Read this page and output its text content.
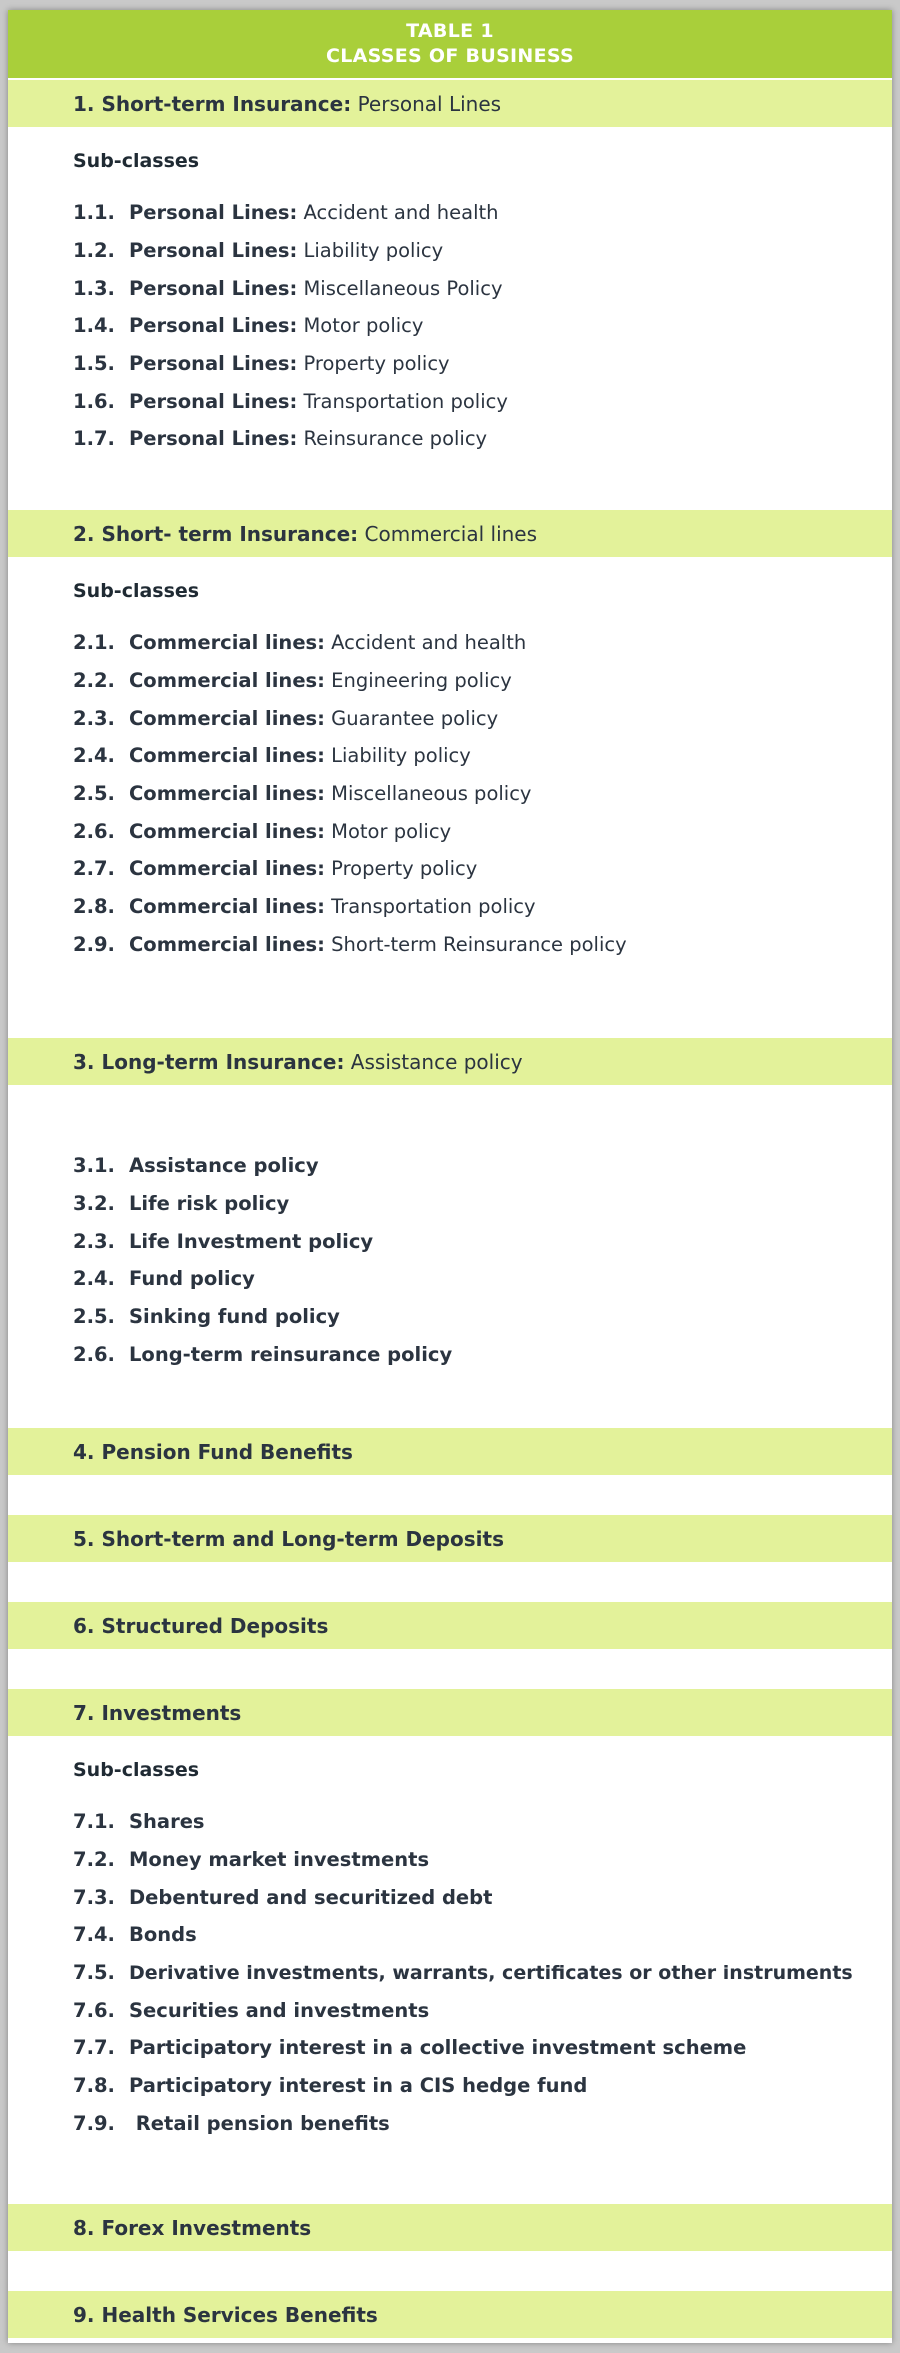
TABLE 1
CLASSES OF BUSINESS
1. Short-term Insurance: Personal Lines
Sub-classes
1.1. Personal Lines: Accident and health
1.2. Personal Lines: Liability policy
1.3. Personal Lines: Miscellaneous Policy
1.4. Personal Lines: Motor policy
1.5. Personal Lines: Property policy
1.6. Personal Lines: Transportation policy
1.7. Personal Lines: Reinsurance policy
2. Short- term Insurance: Commercial lines
Sub-classes
2.1. Commercial lines: Accident and health
2.2. Commercial lines: Engineering policy
2.3. Commercial lines: Guarantee policy
2.4. Commercial lines: Liability policy
2.5. Commercial lines: Miscellaneous policy
2.6. Commercial lines: Motor policy
2.7. Commercial lines: Property policy
2.8. Commercial lines: Transportation policy
2.9. Commercial lines: Short-term Reinsurance policy
3. Long-term Insurance: Assistance policy
3.1. Assistance policy
3.2. Life risk policy
2.3. Life Investment policy
2.4. Fund policy
2.5. Sinking fund policy
2.6. Long-term reinsurance policy
4. Pension Fund Benefits
5. Short-term and Long-term Deposits
6. Structured Deposits
7. Investments
Sub-classes
7.1. Shares
7.2. Money market investments
7.3. Debentured and securitized debt
7.4. Bonds
7.5. Derivative investments, warrants, certificates or other instruments
7.6. Securities and investments
7.7. Participatory interest in a collective investment scheme
7.8. Participatory interest in a CIS hedge fund
7.9. Retail pension benefits
8. Forex Investments
9. Health Services Benefits
